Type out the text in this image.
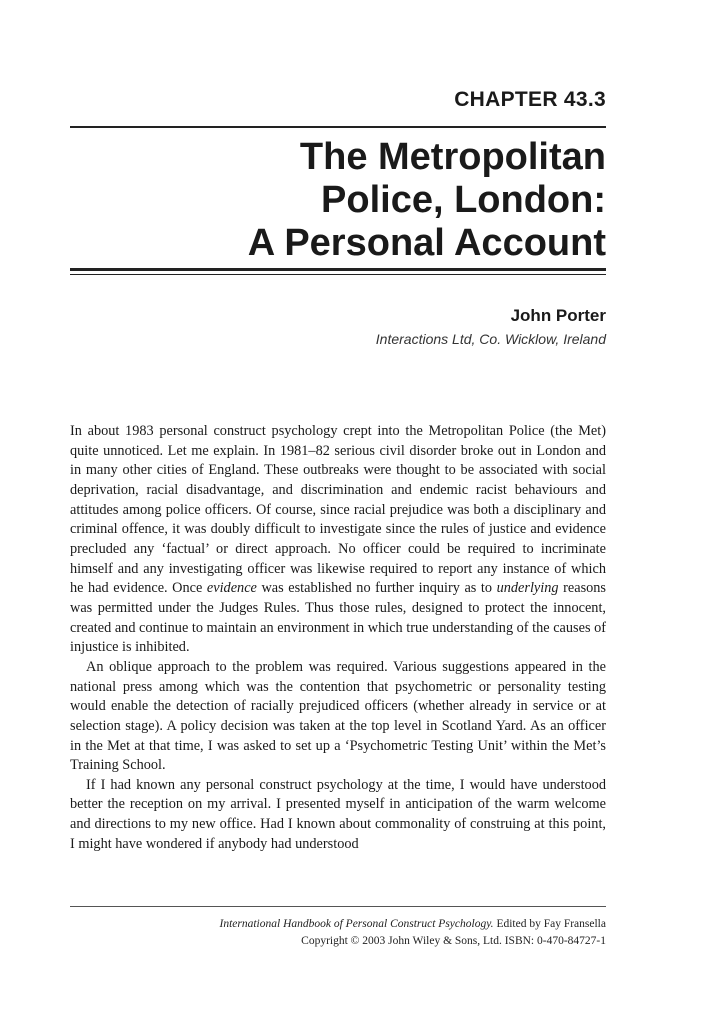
CHAPTER 43.3
The Metropolitan
Police, London:
A Personal Account
John Porter
Interactions Ltd, Co. Wicklow, Ireland

In about 1983 personal construct psychology crept into the Metropolitan Police (the Met) quite unnoticed. Let me explain. In 1981–82 serious civil disorder broke out in London and in many other cities of England. These outbreaks were thought to be associated with social deprivation, racial disadvantage, and discrimination and endemic racist behaviours and attitudes among police officers. Of course, since racial prejudice was both a disciplinary and criminal offence, it was doubly difficult to investigate since the rules of justice and evidence precluded any ‘factual’ or direct approach. No officer could be required to incriminate himself and any investigating officer was likewise required to report any instance of which he had evidence. Once evidence was established no further inquiry as to underlying reasons was permitted under the Judges Rules. Thus those rules, designed to protect the innocent, created and continue to maintain an environment in which true understanding of the causes of injustice is inhibited.

An oblique approach to the problem was required. Various suggestions appeared in the national press among which was the contention that psychometric or personality testing would enable the detection of racially prejudiced officers (whether already in service or at selection stage). A policy decision was taken at the top level in Scotland Yard. As an officer in the Met at that time, I was asked to set up a ‘Psychometric Testing Unit’ within the Met’s Training School.

If I had known any personal construct psychology at the time, I would have understood better the reception on my arrival. I presented myself in anticipation of the warm welcome and directions to my new office. Had I known about commonality of construing at this point, I might have wondered if anybody had understood

International Handbook of Personal Construct Psychology. Edited by Fay Fransella
Copyright © 2003 John Wiley & Sons, Ltd. ISBN: 0-470-84727-1
